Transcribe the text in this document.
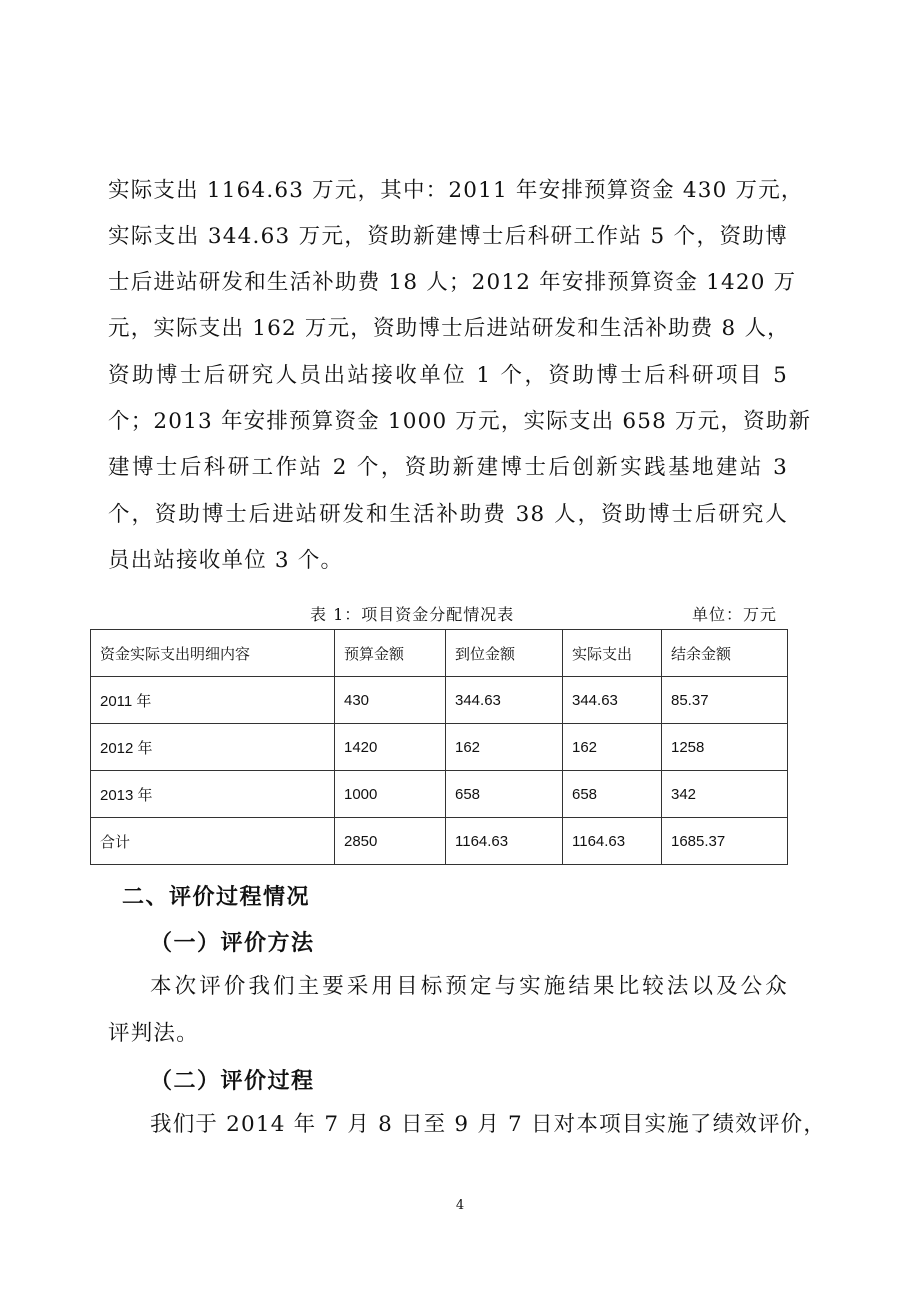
实际支出 1164.63 万元，其中：2011 年安排预算资金 430 万元，
实际支出 344.63 万元，资助新建博士后科研工作站 5 个，资助博
士后进站研发和生活补助费 18 人；2012 年安排预算资金 1420 万
元，实际支出 162 万元，资助博士后进站研发和生活补助费 8 人，
资助博士后研究人员出站接收单位 1 个，资助博士后科研项目 5
个；2013 年安排预算资金 1000 万元，实际支出 658 万元，资助新
建博士后科研工作站 2 个，资助新建博士后创新实践基地建站 3
个，资助博士后进站研发和生活补助费 38 人，资助博士后研究人
员出站接收单位 3 个。
表 1：项目资金分配情况表	单位：万元
资金实际支出明细内容	预算金额	到位金额	实际支出	结余金额
2011 年	430	344.63	344.63	85.37
2012 年	1420	162	162	1258
2013 年	1000	658	658	342
合计	2850	1164.63	1164.63	1685.37
二、评价过程情况
（一）评价方法
本次评价我们主要采用目标预定与实施结果比较法以及公众
评判法。
（二）评价过程
我们于 2014 年 7 月 8 日至 9 月 7 日对本项目实施了绩效评价，
4
